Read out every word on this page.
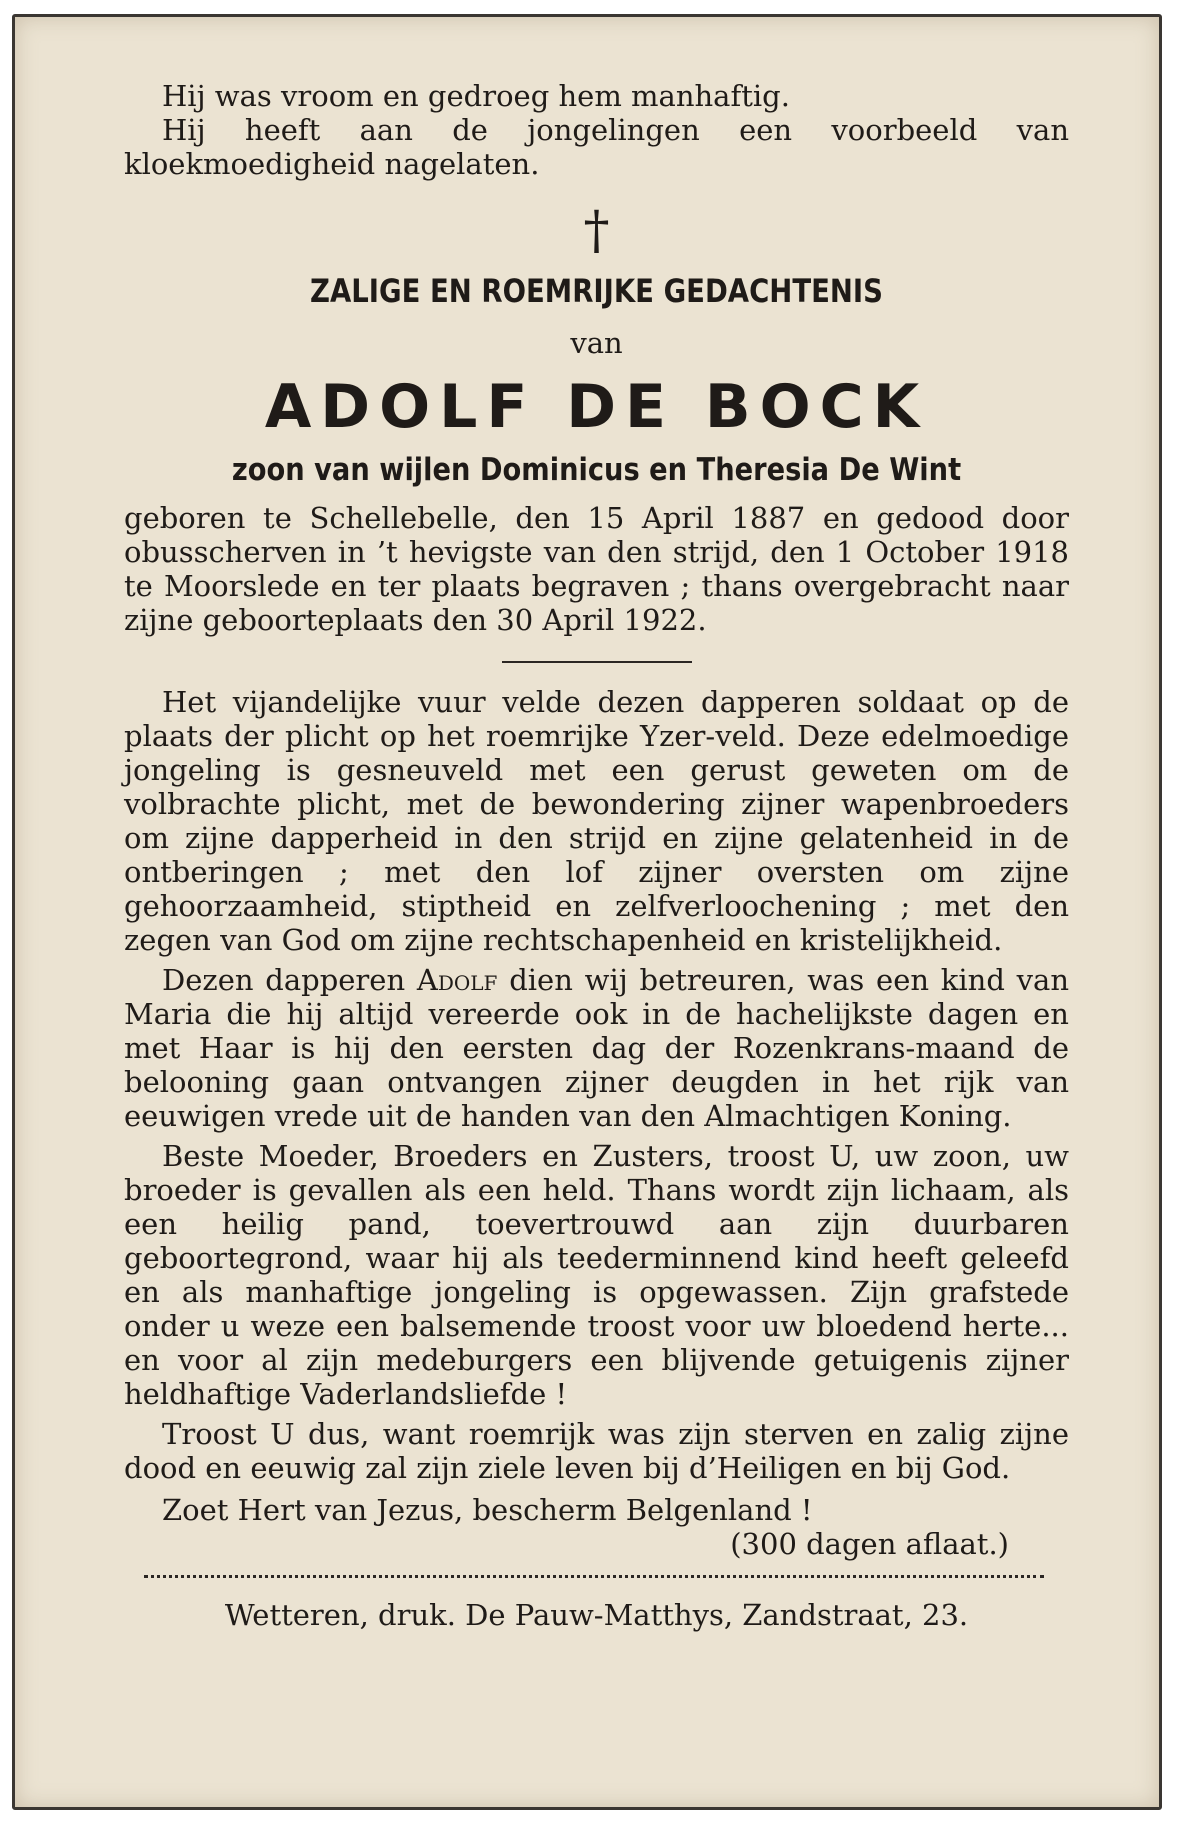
Hij was vroom en gedroeg hem manhaftig.

Hij heeft aan de jongelingen een voorbeeld van kloekmoedigheid nagelaten.

†
ZALIGE EN ROEMRIJKE GEDACHTENIS
van
ADOLF DE BOCK
zoon van wijlen Dominicus en Theresia De Wint

geboren te Schellebelle, den 15 April 1887 en gedood door obusscherven in ’t hevigste van den strijd, den 1 October 1918 te Moorslede en ter plaats begraven ; thans overgebracht naar zijne geboorteplaats den 30 April 1922.

Het vijandelijke vuur velde dezen dapperen soldaat op de plaats der plicht op het roemrijke Yzer-veld. Deze edelmoedige jongeling is gesneuveld met een gerust geweten om de volbrachte plicht, met de bewondering zijner wapenbroeders om zijne dapperheid in den strijd en zijne gelatenheid in de ontberingen ; met den lof zijner oversten om zijne gehoorzaamheid, stiptheid en zelfverloochening ; met den zegen van God om zijne rechtschapenheid en kristelijkheid.

Dezen dapperen Adolf dien wij betreuren, was een kind van Maria die hij altijd vereerde ook in de hachelijkste dagen en met Haar is hij den eersten dag der Rozenkrans-maand de belooning gaan ontvangen zijner deugden in het rijk van eeuwigen vrede uit de handen van den Almachtigen Koning.

Beste Moeder, Broeders en Zusters, troost U, uw zoon, uw broeder is gevallen als een held. Thans wordt zijn lichaam, als een heilig pand, toevertrouwd aan zijn duurbaren geboortegrond, waar hij als teederminnend kind heeft geleefd en als manhaftige jongeling is opgewassen. Zijn grafstede onder u weze een balsemende troost voor uw bloedend herte... en voor al zijn medeburgers een blijvende getuigenis zijner heldhaftige Vaderlandsliefde !

Troost U dus, want roemrijk was zijn sterven en zalig zijne dood en eeuwig zal zijn ziele leven bij d’Heiligen en bij God.

Zoet Hert van Jezus, bescherm Belgenland !

(300 dagen aflaat.)

Wetteren, druk. De Pauw-Matthys, Zandstraat, 23.
